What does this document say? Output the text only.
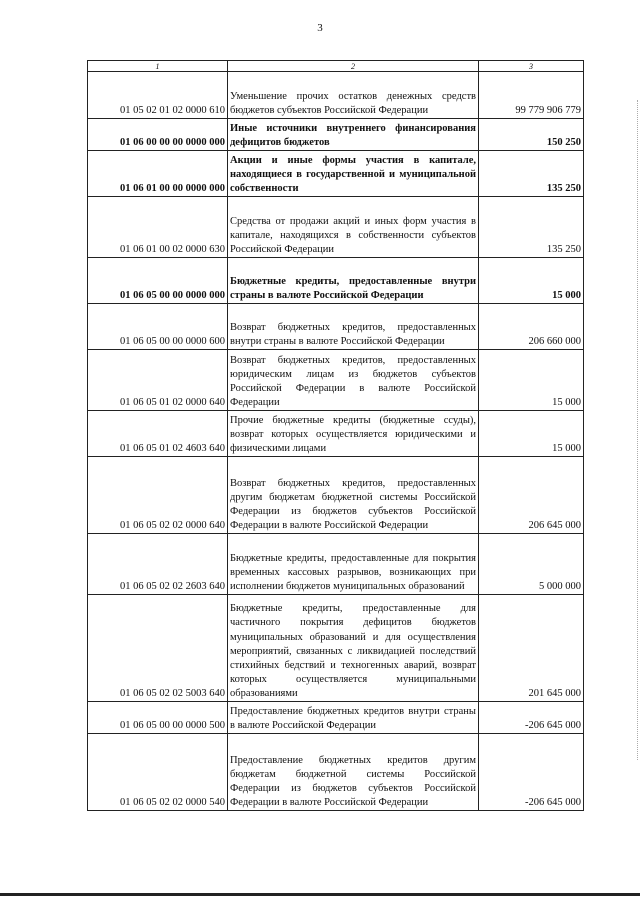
3
1	2	3
01 05 02 01 02 0000 610	Уменьшение прочих остатков денежных средств бюджетов субъектов Российской Федерации	99 779 906 779
01 06 00 00 00 0000 000	Иные источники внутреннего финансирования дефицитов бюджетов	150 250
01 06 01 00 00 0000 000	Акции и иные формы участия в капитале, находящиеся в государственной и муниципальной собственности	135 250
01 06 01 00 02 0000 630	Средства от продажи акций и иных форм участия в капитале, находящихся в собственности субъектов Российской Федерации	135 250
01 06 05 00 00 0000 000	Бюджетные кредиты, предоставленные внутри страны в валюте Российской Федерации	15 000
01 06 05 00 00 0000 600	Возврат бюджетных кредитов, предоставленных внутри страны в валюте Российской Федерации	206 660 000
01 06 05 01 02 0000 640	Возврат бюджетных кредитов, предоставленных юридическим лицам из бюджетов субъектов Российской Федерации в валюте Российской Федерации	15 000
01 06 05 01 02 4603 640	Прочие бюджетные кредиты (бюджетные ссуды), возврат которых осуществляется юридическими и физическими лицами	15 000
01 06 05 02 02 0000 640	Возврат бюджетных кредитов, предоставленных другим бюджетам бюджетной системы Российской Федерации из бюджетов субъектов Российской Федерации в валюте Российской Федерации	206 645 000
01 06 05 02 02 2603 640	Бюджетные кредиты, предоставленные для покрытия временных кассовых разрывов, возникающих при исполнении бюджетов муниципальных образований	5 000 000
01 06 05 02 02 5003 640	Бюджетные кредиты, предоставленные для частичного покрытия дефицитов бюджетов муниципальных образований и для осуществления мероприятий, связанных с ликвидацией последствий стихийных бедствий и техногенных аварий, возврат которых осуществляется муниципальными образованиями	201 645 000
01 06 05 00 00 0000 500	Предоставление бюджетных кредитов внутри страны в валюте Российской Федерации	-206 645 000
01 06 05 02 02 0000 540	Предоставление бюджетных кредитов другим бюджетам бюджетной системы Российской Федерации из бюджетов субъектов Российской Федерации в валюте Российской Федерации	-206 645 000
